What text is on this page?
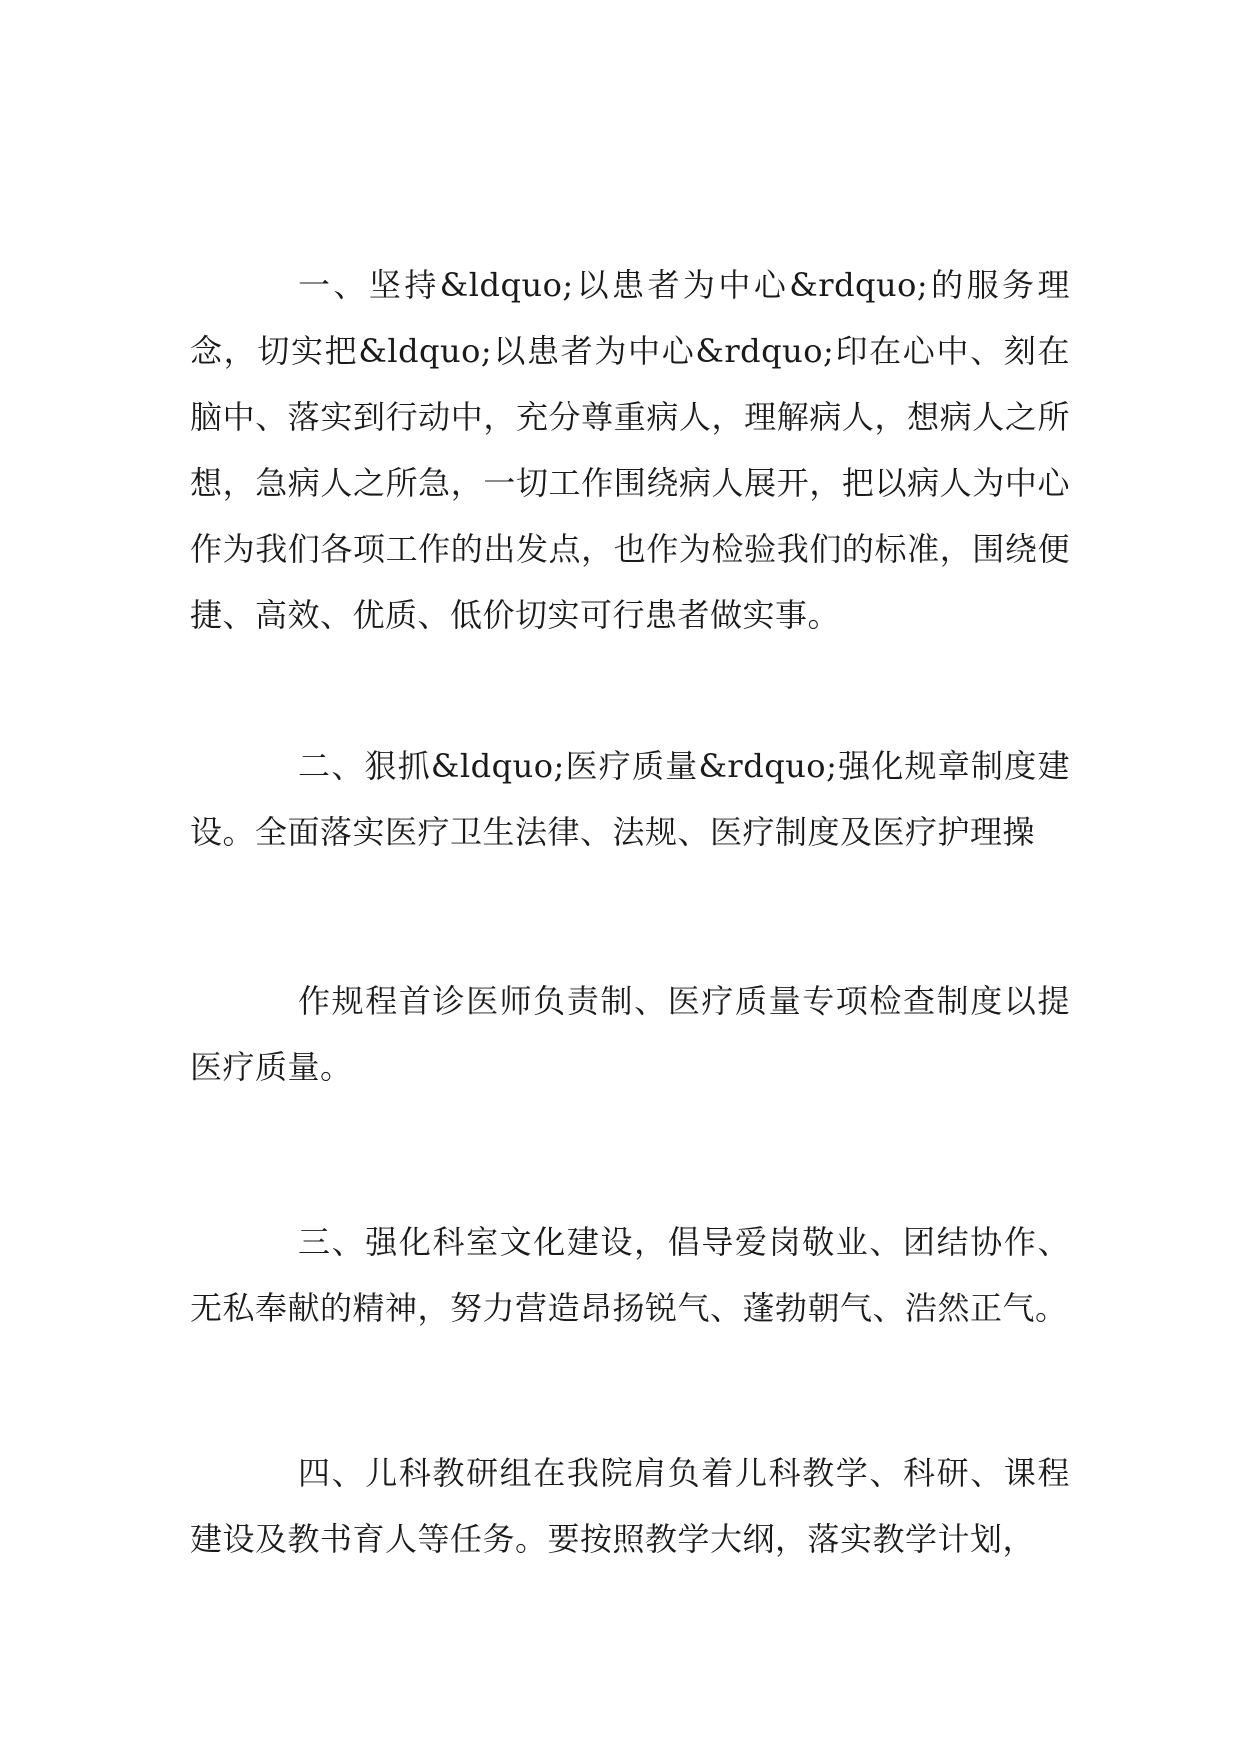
一、坚持&ldquo;以患者为中心&rdquo;的服务理念，切实把&ldquo;以患者为中心&rdquo;印在心中、刻在脑中、落实到行动中，充分尊重病人，理解病人，想病人之所想，急病人之所急，一切工作围绕病人展开，把以病人为中心作为我们各项工作的出发点，也作为检验我们的标准，围绕便捷、高效、优质、低价切实可行患者做实事。

二、狠抓&ldquo;医疗质量&rdquo;强化规章制度建设。全面落实医疗卫生法律、法规、医疗制度及医疗护理操

作规程首诊医师负责制、医疗质量专项检查制度以提医疗质量。

三、强化科室文化建设，倡导爱岗敬业、团结协作、无私奉献的精神，努力营造昂扬锐气、蓬勃朝气、浩然正气。

四、儿科教研组在我院肩负着儿科教学、科研、课程建设及教书育人等任务。要按照教学大纲，落实教学计划，
